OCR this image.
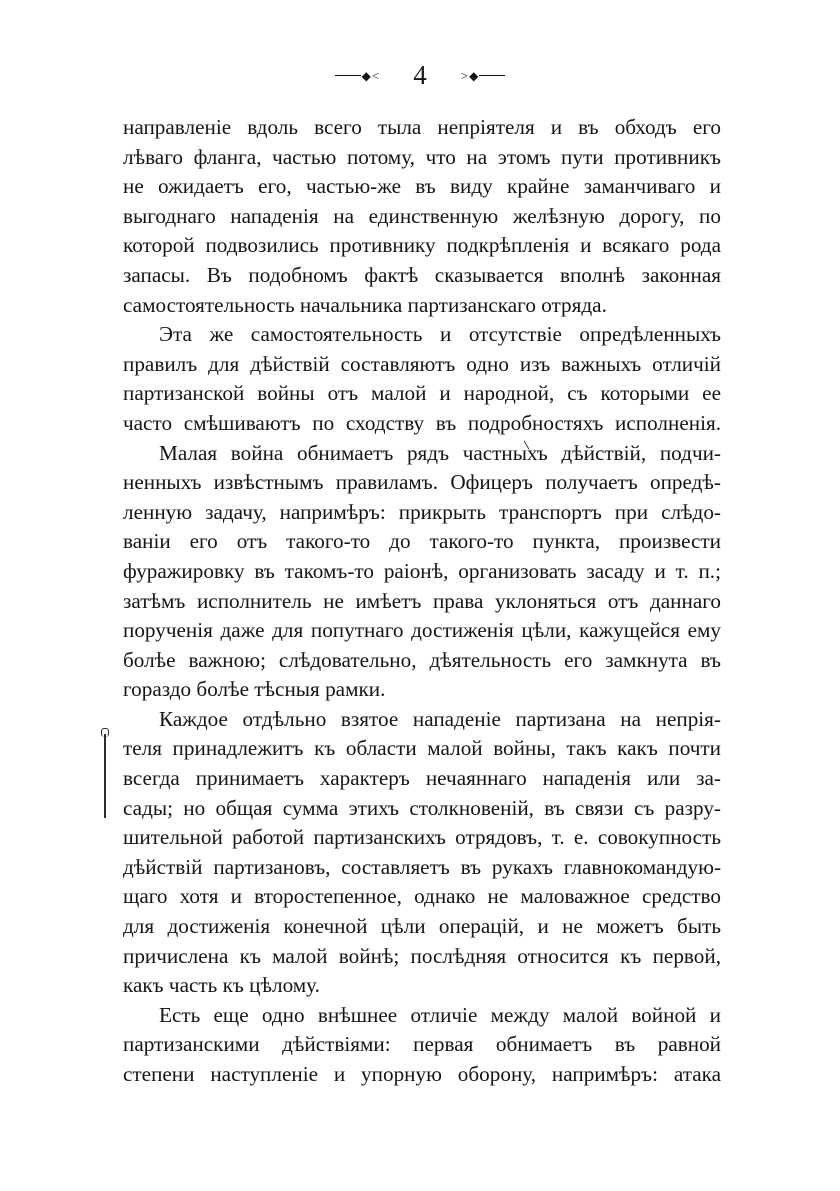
◆ < 4	> ◆

направленіе вдоль всего тыла непріятеля и въ обходъ его
лѣваго фланга, частью потому, что на этомъ пути противникъ
не ожидаетъ его, частью-же въ виду крайне заманчиваго и
выгоднаго нападенія на единственную желѣзную дорогу, по
которой подвозились противнику подкрѣпленія и всякаго рода
запасы. Въ подобномъ фактѣ сказывается вполнѣ законная
самостоятельность начальника партизанскаго отряда.

Эта же самостоятельность и отсутствіе опредѣленныхъ
правилъ для дѣйствій составляютъ одно изъ важныхъ отличій
партизанской войны отъ малой и народной, съ которыми ее
часто смѣшиваютъ по сходству въ подробностяхъ исполненія.

Малая война обнимаетъ рядъ частныхъ дѣйствій, подчи-
ненныхъ извѣстнымъ правиламъ. Офицеръ получаетъ опредѣ-
ленную задачу, напримѣръ: прикрыть транспортъ при слѣдо-
ваніи его отъ такого-то до такого-то пункта, произвести
фуражировку въ такомъ-то раіонѣ, организовать засаду и т. п.;
затѣмъ исполнитель не имѣетъ права уклоняться отъ даннаго
порученія даже для попутнаго достиженія цѣли, кажущейся ему
болѣе важною; слѣдовательно, дѣятельность его замкнута въ
гораздо болѣе тѣсныя рамки.

Каждое отдѣльно взятое нападеніе партизана на непрія-
теля принадлежитъ къ области малой войны, такъ какъ почти
всегда принимаетъ характеръ нечаяннаго нападенія или за-
сады; но общая сумма этихъ столкновеній, въ связи съ разру-
шительной работой партизанскихъ отрядовъ, т. е. совокупность
дѣйствій партизановъ, составляетъ въ рукахъ главнокомандую-
щаго хотя и второстепенное, однако не маловажное средство
для достиженія конечной цѣли операцій, и не можетъ быть
причислена къ малой войнѣ; послѣдняя относится къ первой,
какъ часть къ цѣлому.

Есть еще одно внѣшнее отличіе между малой войной и
партизанскими дѣйствіями: первая обнимаетъ въ равной
степени наступленіе и упорную оборону, напримѣръ: атака
